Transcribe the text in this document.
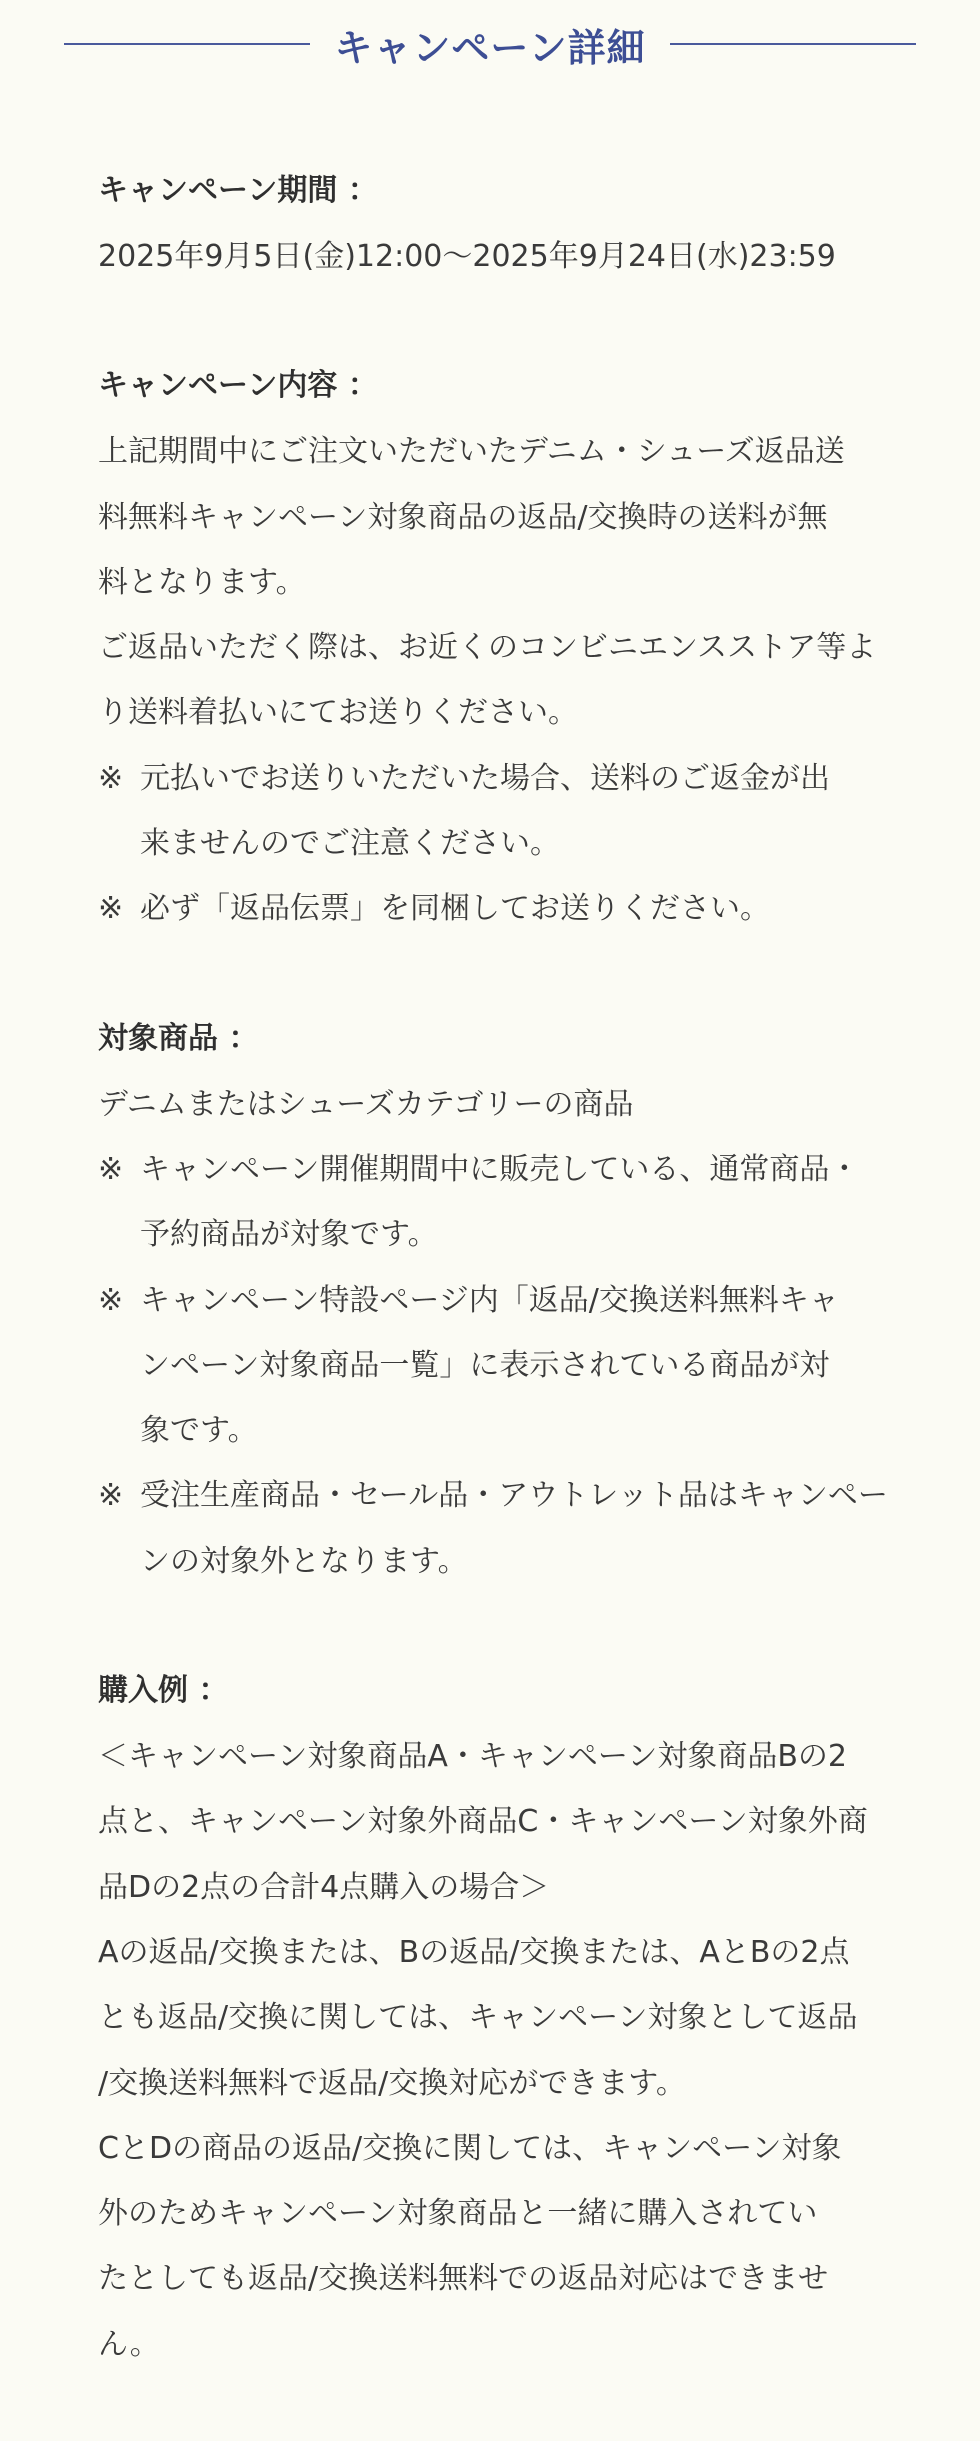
キャンペーン詳細
キャンペーン期間 ：
2025年9月5日(金)12:00〜2025年9月24日(水)23:59
キャンペーン内容 ：
上記期間中にご注文いただいたデニム・シューズ返品送
料無料キャンペーン対象商品の返品/交換時の送料が無
料となります。
ご返品いただく際は、お近くのコンビニエンスストア等よ
り送料着払いにてお送りください。
※ 元払いでお送りいただいた場合、送料のご返金が出
来ませんのでご注意ください。
※ 必ず「返品伝票」を同梱してお送りください。
対象商品 ：
デニムまたはシューズカテゴリーの商品
※ キャンペーン開催期間中に販売している、通常商品・
予約商品が対象です。
※ キャンペーン特設ページ内「返品/交換送料無料キャ
ンペーン対象商品一覧」に表示されている商品が対
象です。
※ 受注生産商品・セール品・アウトレット品はキャンペー
ンの対象外となります。
購入例 ：
＜キャンペーン対象商品A・キャンペーン対象商品Bの2
点と、キャンペーン対象外商品C・キャンペーン対象外商
品Dの2点の合計4点購入の場合＞
Aの返品/交換または、Bの返品/交換または、AとBの2点
とも返品/交換に関しては、キャンペーン対象として返品
/交換送料無料で返品/交換対応ができます。
CとDの商品の返品/交換に関しては、キャンペーン対象
外のためキャンペーン対象商品と一緒に購入されてい
たとしても返品/交換送料無料での返品対応はできませ
ん。
